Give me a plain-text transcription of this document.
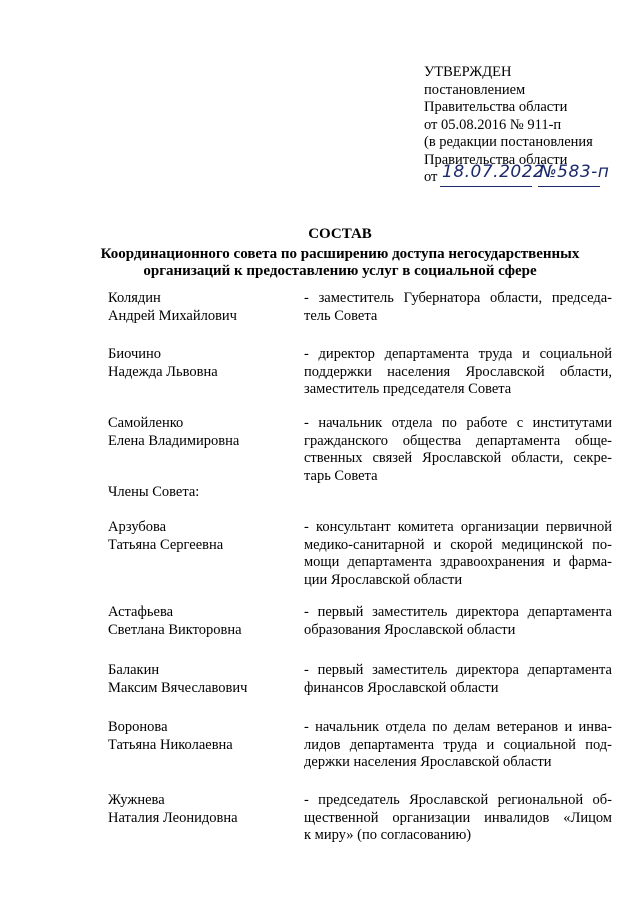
УТВЕРЖДЕН
постановлением
Правительства области
от 05.08.2016 № 911-п
(в редакции постановления
Правительства области
от 18.07.2022
№583-п
СОСТАВ
Координационного совета по расширению доступа негосударственных
организаций к предоставлению услуг в социальной сфере
Колядин
Андрей Михайлович
- заместитель Губернатора области, председа-
тель Совета
Биочино
Надежда Львовна
- директор департамента труда и социальной
поддержки населения Ярославской области,
заместитель председателя Совета
Самойленко
Елена Владимировна
- начальник отдела по работе с институтами
гражданского общества департамента обще-
ственных связей Ярославской области, секре-
тарь Совета
Члены Совета:
Арзубова
Татьяна Сергеевна
- консультант комитета организации первичной
медико-санитарной и скорой медицинской по-
мощи департамента здравоохранения и фарма-
ции Ярославской области
Астафьева
Светлана Викторовна
- первый заместитель директора департамента
образования Ярославской области
Балакин
Максим Вячеславович
- первый заместитель директора департамента
финансов Ярославской области
Воронова
Татьяна Николаевна
- начальник отдела по делам ветеранов и инва-
лидов департамента труда и социальной под-
держки населения Ярославской области
Жужнева
Наталия Леонидовна
- председатель Ярославской региональной об-
щественной организации инвалидов «Лицом
к миру» (по согласованию)
